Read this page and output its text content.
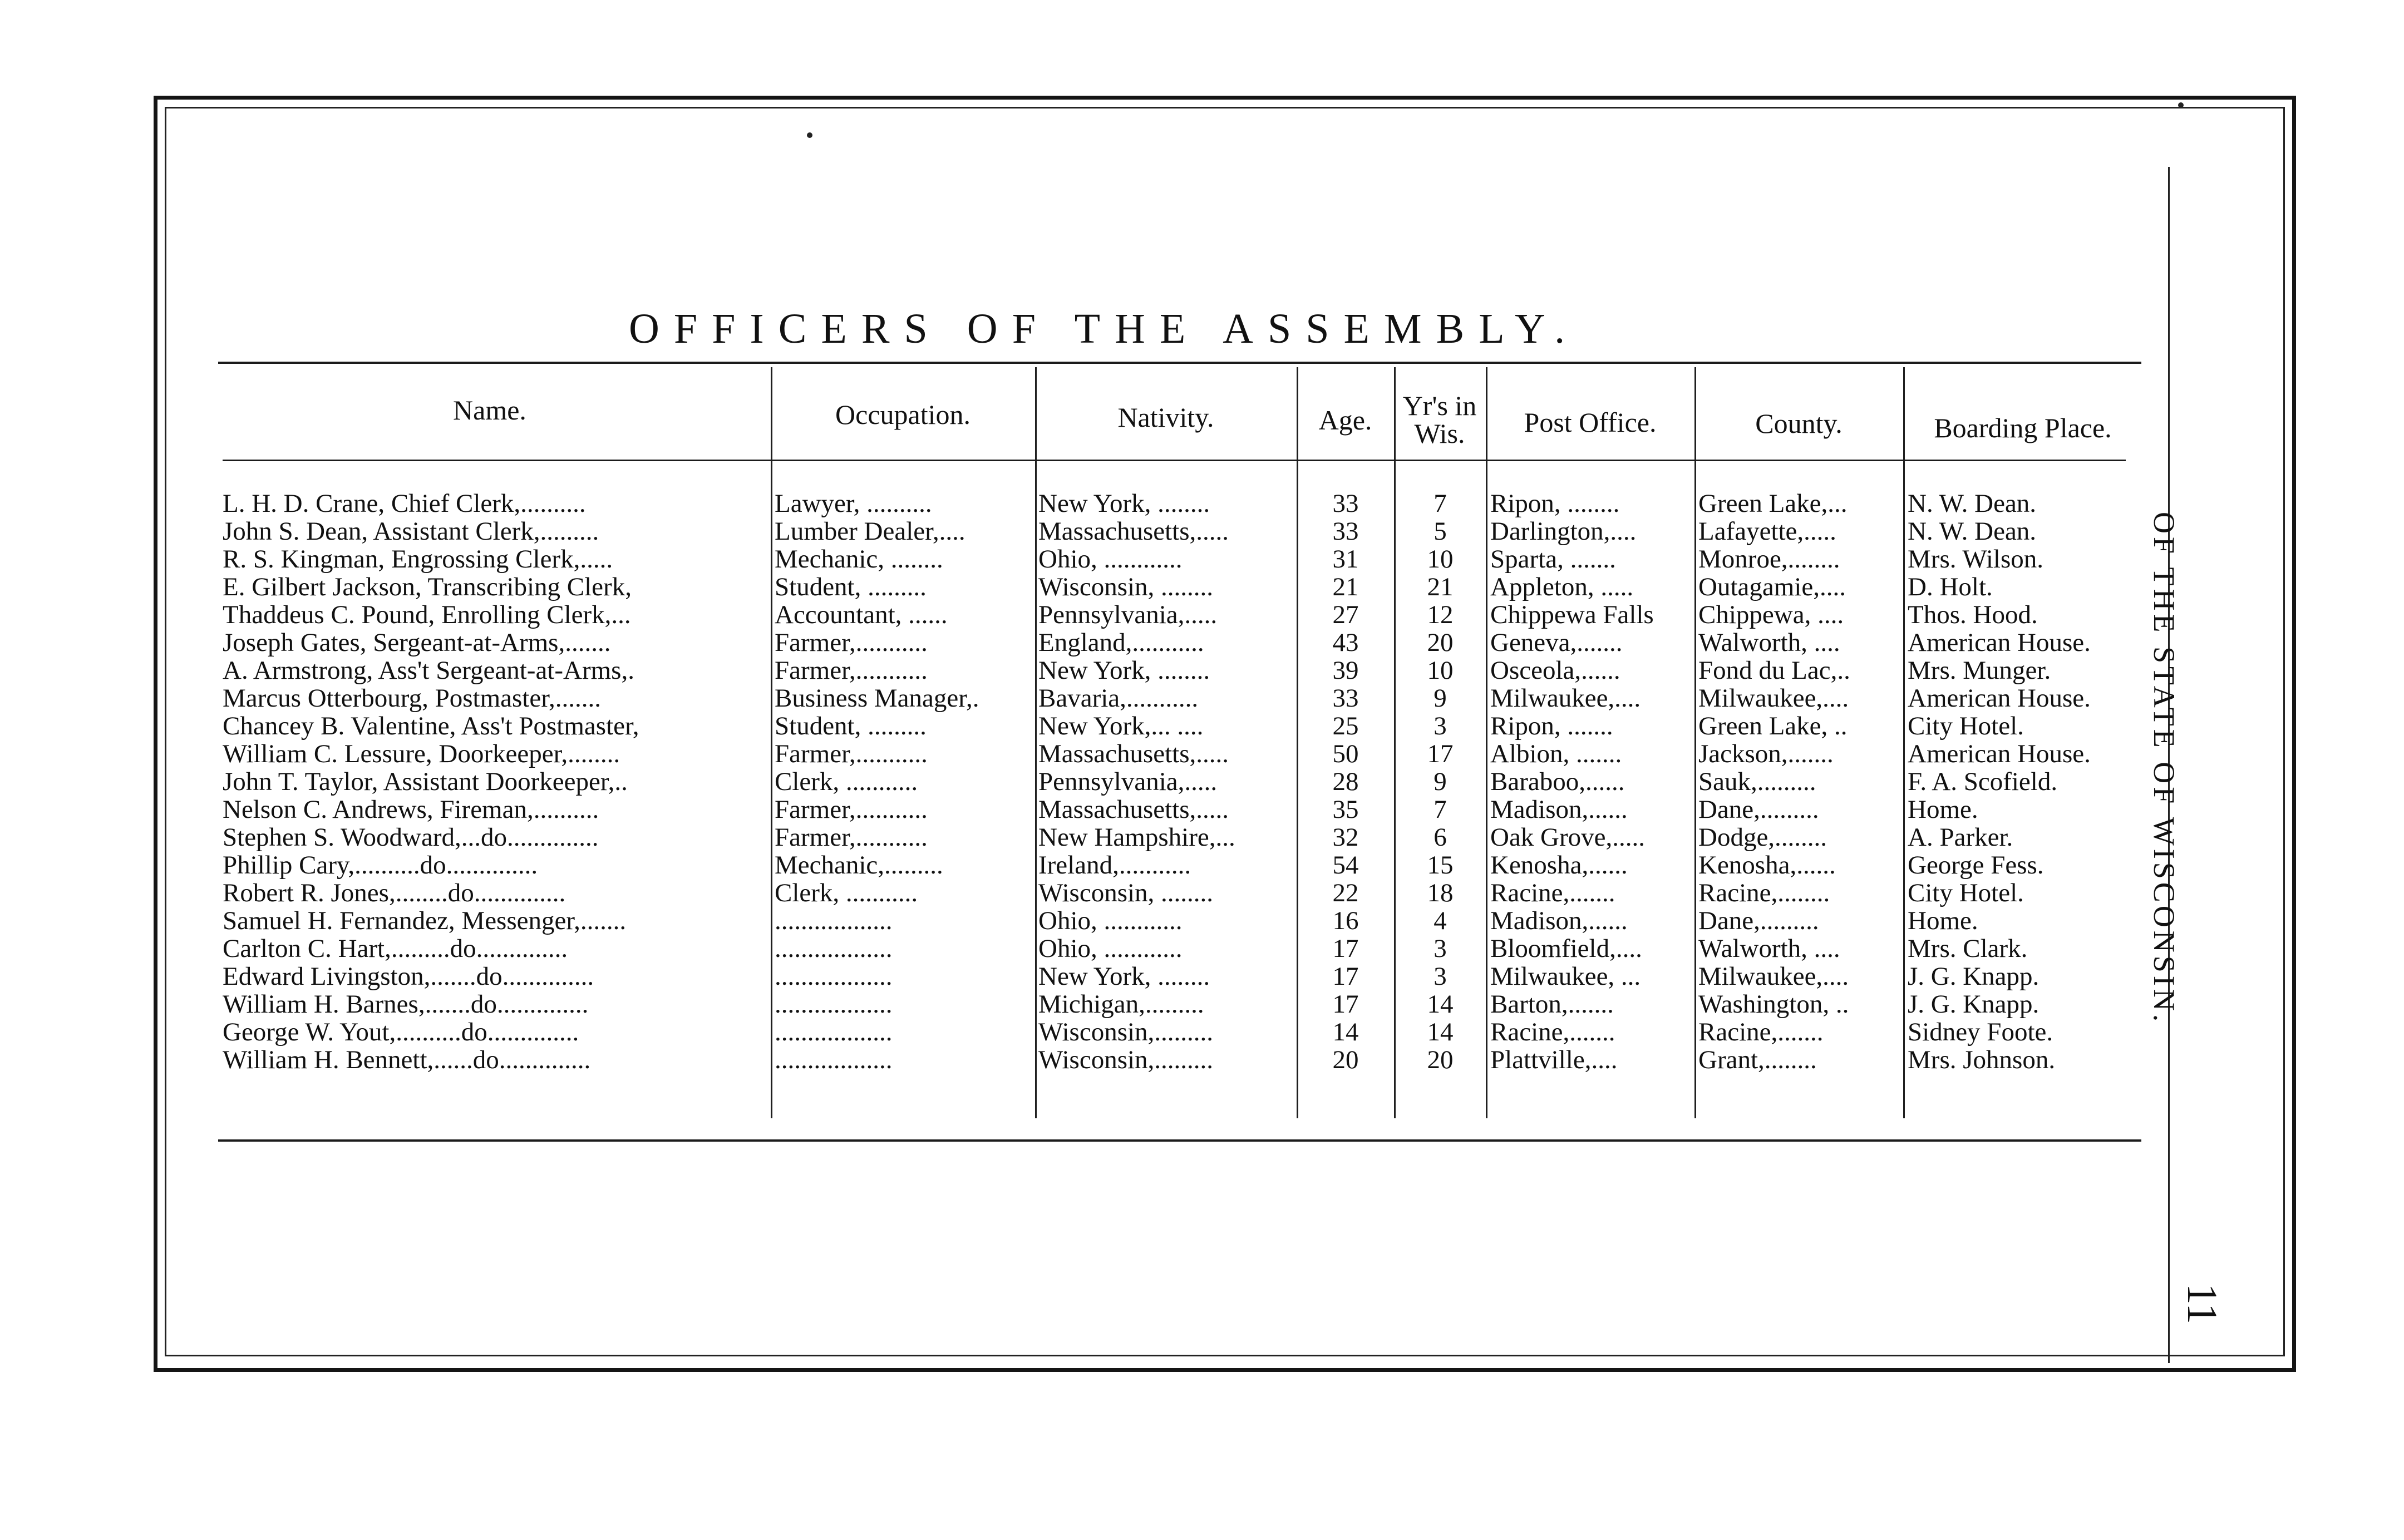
OF THE STATE OF WISCONSIN.
11
OFFICERS OF THE ASSEMBLY.
Name.	Occupation.	Nativity.	Age.	Yr's in Wis.	Post Office.	County.	Boarding Place.
L. H. D. Crane, Chief Clerk,..........	Lawyer, ..........	New York, ........	33	7	Ripon, ........	Green Lake,...	N. W. Dean.
John S. Dean, Assistant Clerk,.........	Lumber Dealer,....	Massachusetts,.....	33	5	Darlington,....	Lafayette,.....	N. W. Dean.
R. S. Kingman, Engrossing Clerk,.....	Mechanic, ........	Ohio, ............	31	10	Sparta, .......	Monroe,........	Mrs. Wilson.
E. Gilbert Jackson, Transcribing Clerk,	Student, .........	Wisconsin, ........	21	21	Appleton, .....	Outagamie,....	D. Holt.
Thaddeus C. Pound, Enrolling Clerk,...	Accountant, ......	Pennsylvania,.....	27	12	Chippewa Falls	Chippewa, ....	Thos. Hood.
Joseph Gates, Sergeant-at-Arms,.......	Farmer,...........	England,...........	43	20	Geneva,.......	Walworth, ....	American House.
A. Armstrong, Ass't Sergeant-at-Arms,.	Farmer,...........	New York, ........	39	10	Osceola,......	Fond du Lac,..	Mrs. Munger.
Marcus Otterbourg, Postmaster,.......	Business Manager,.	Bavaria,...........	33	9	Milwaukee,....	Milwaukee,....	American House.
Chancey B. Valentine, Ass't Postmaster,	Student, .........	New York,... ....	25	3	Ripon, .......	Green Lake, ..	City Hotel.
William C. Lessure, Doorkeeper,........	Farmer,...........	Massachusetts,.....	50	17	Albion, .......	Jackson,.......	American House.
John T. Taylor, Assistant Doorkeeper,..	Clerk, ...........	Pennsylvania,.....	28	9	Baraboo,......	Sauk,.........	F. A. Scofield.
Nelson C. Andrews, Fireman,..........	Farmer,...........	Massachusetts,.....	35	7	Madison,......	Dane,.........	Home.
Stephen S. Woodward,...do..............	Farmer,...........	New Hampshire,...	32	6	Oak Grove,.....	Dodge,........	A. Parker.
Phillip Cary,..........do..............	Mechanic,.........	Ireland,...........	54	15	Kenosha,......	Kenosha,......	George Fess.
Robert R. Jones,........do..............	Clerk, ...........	Wisconsin, ........	22	18	Racine,.......	Racine,........	City Hotel.
Samuel H. Fernandez, Messenger,.......	..................	Ohio, ............	16	4	Madison,......	Dane,.........	Home.
Carlton C. Hart,.........do..............	..................	Ohio, ............	17	3	Bloomfield,....	Walworth, ....	Mrs. Clark.
Edward Livingston,.......do..............	..................	New York, ........	17	3	Milwaukee, ...	Milwaukee,....	J. G. Knapp.
William H. Barnes,.......do..............	..................	Michigan,.........	17	14	Barton,.......	Washington, ..	J. G. Knapp.
George W. Yout,..........do..............	..................	Wisconsin,.........	14	14	Racine,.......	Racine,.......	Sidney Foote.
William H. Bennett,......do..............	..................	Wisconsin,.........	20	20	Plattville,....	Grant,........	Mrs. Johnson.
